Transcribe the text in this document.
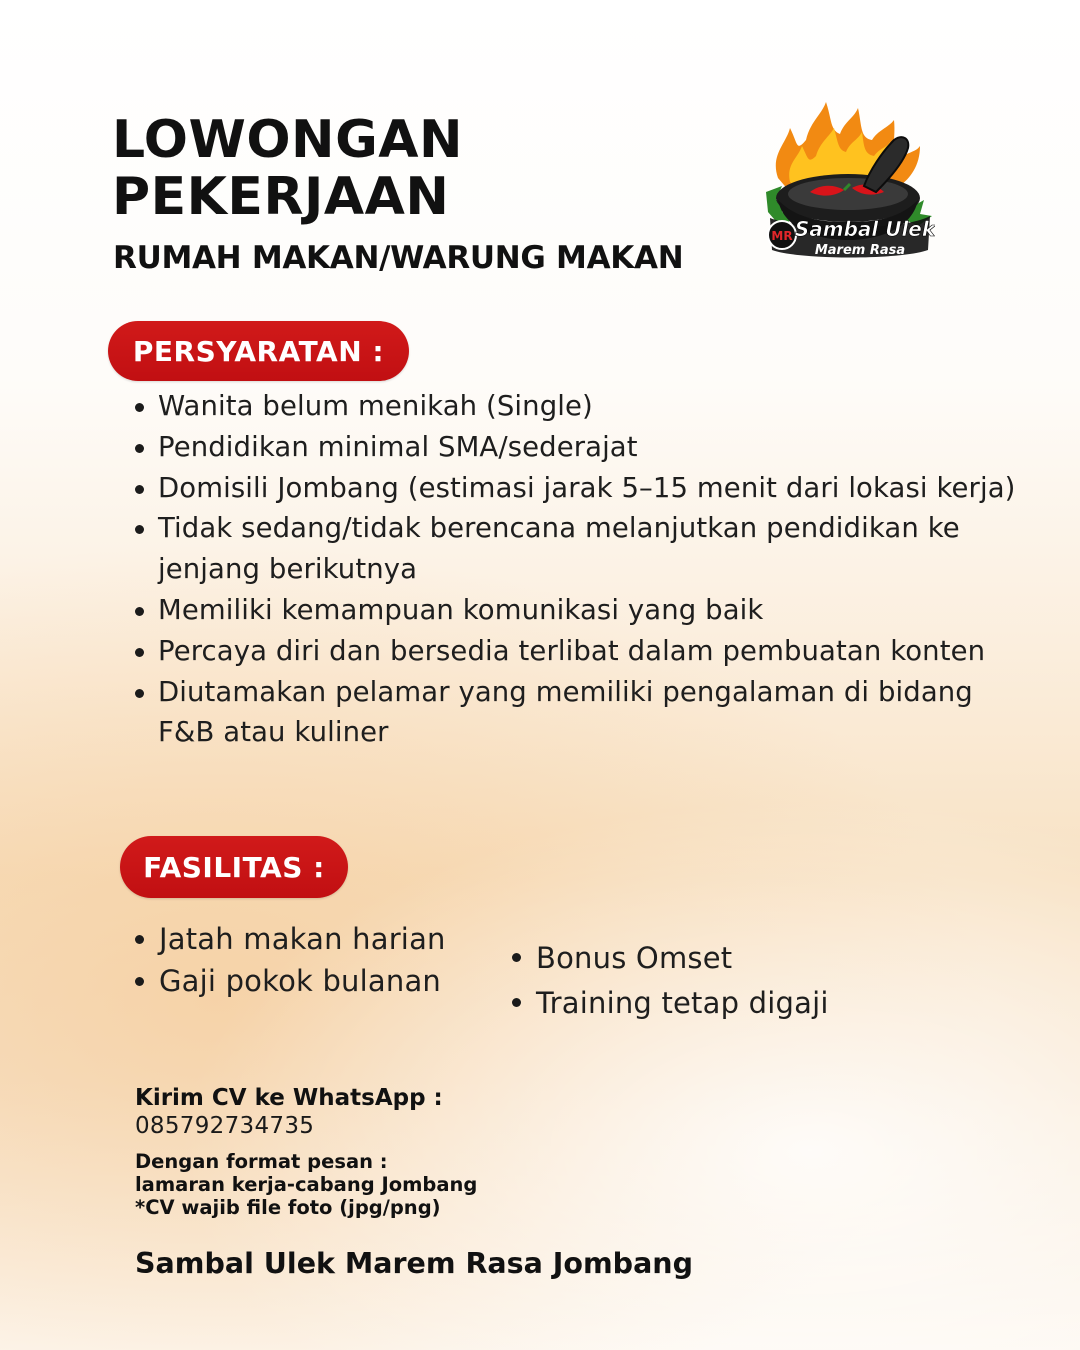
LOWONGAN
PEKERJAAN
RUMAH MAKAN/WARUNG MAKAN
MR Sambal Ulek
Marem Rasa
PERSYARATAN :
Wanita belum menikah (Single)
Pendidikan minimal SMA/sederajat
Domisili Jombang (estimasi jarak 5–15 menit dari lokasi kerja)
Tidak sedang/tidak berencana melanjutkan pendidikan ke jenjang berikutnya
Memiliki kemampuan komunikasi yang baik
Percaya diri dan bersedia terlibat dalam pembuatan konten
Diutamakan pelamar yang memiliki pengalaman di bidang F&B atau kuliner
FASILITAS :
Jatah makan harian
Gaji pokok bulanan
Bonus Omset
Training tetap digaji
Kirim CV ke WhatsApp :
085792734735
Dengan format pesan :
lamaran kerja-cabang Jombang
*CV wajib file foto (jpg/png)
Sambal Ulek Marem Rasa Jombang
